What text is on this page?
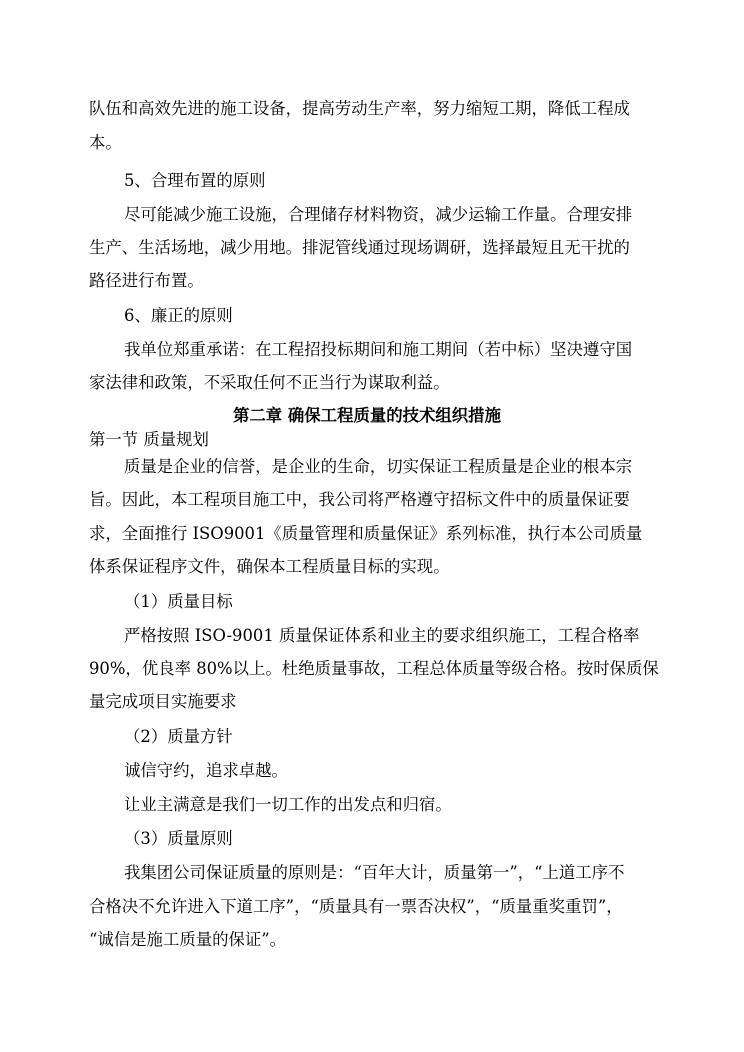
队伍和高效先进的施工设备，提高劳动生产率，努力缩短工期，降低工程成
本。
5、合理布置的原则
尽可能减少施工设施，合理储存材料物资，减少运输工作量。合理安排
生产、生活场地，减少用地。排泥管线通过现场调研，选择最短且无干扰的
路径进行布置。
6、廉正的原则
我单位郑重承诺：在工程招投标期间和施工期间（若中标）坚决遵守国
家法律和政策，不采取任何不正当行为谋取利益。
第二章 确保工程质量的技术组织措施
第一节 质量规划
质量是企业的信誉，是企业的生命，切实保证工程质量是企业的根本宗
旨。因此，本工程项目施工中，我公司将严格遵守招标文件中的质量保证要
求，全面推行 ISO9001《质量管理和质量保证》系列标准，执行本公司质量
体系保证程序文件，确保本工程质量目标的实现。
（1）质量目标
严格按照 ISO-9001 质量保证体系和业主的要求组织施工，工程合格率
90%，优良率 80%以上。杜绝质量事故，工程总体质量等级合格。按时保质保
量完成项目实施要求
（2）质量方针
诚信守约，追求卓越。
让业主满意是我们一切工作的出发点和归宿。
（3）质量原则
我集团公司保证质量的原则是：“百年大计，质量第一”，“上道工序不
合格决不允许进入下道工序”，“质量具有一票否决权”，“质量重奖重罚”，
“诚信是施工质量的保证”。
